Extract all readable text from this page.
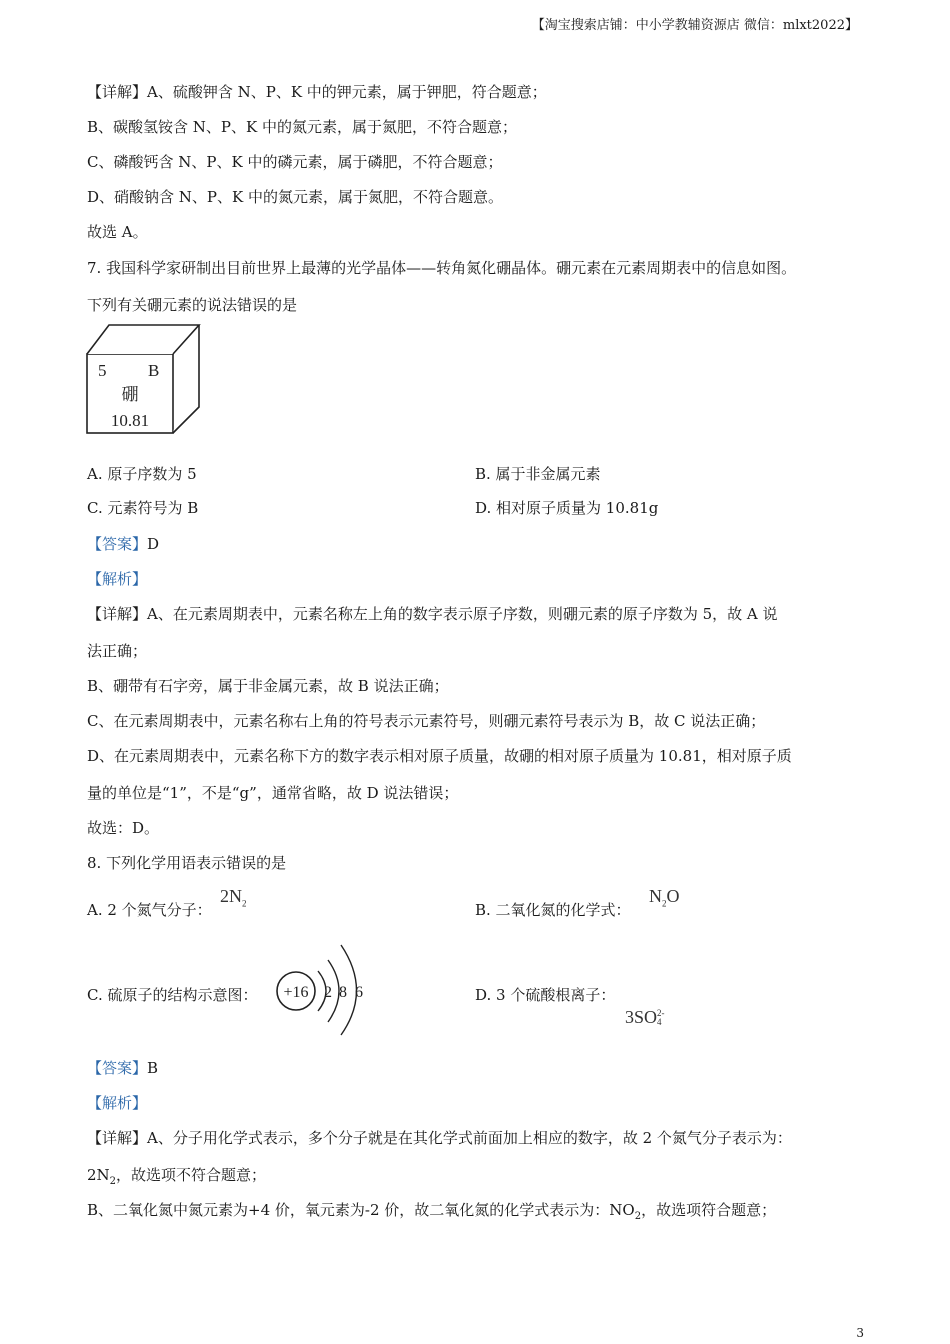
【淘宝搜索店铺：中小学教辅资源店 微信：mlxt2022】
【详解】A、硫酸钾含 N、P、K 中的钾元素，属于钾肥，符合题意；
B、碳酸氢铵含 N、P、K 中的氮元素，属于氮肥，不符合题意；
C、磷酸钙含 N、P、K 中的磷元素，属于磷肥，不符合题意；
D、硝酸钠含 N、P、K 中的氮元素，属于氮肥，不符合题意。
故选 A。
7. 我国科学家研制出目前世界上最薄的光学晶体——转角氮化硼晶体。硼元素在元素周期表中的信息如图。
下列有关硼元素的说法错误的是
5 B
硼
10.81
A. 原子序数为 5	B. 属于非金属元素
C. 元素符号为 B	D. 相对原子质量为 10.81g
【答案】D
【解析】
【详解】A、在元素周期表中，元素名称左上角的数字表示原子序数，则硼元素的原子序数为 5，故 A 说
法正确；
B、硼带有石字旁，属于非金属元素，故 B 说法正确；
C、在元素周期表中，元素名称右上角的符号表示元素符号，则硼元素符号表示为 B，故 C 说法正确；
D、在元素周期表中，元素名称下方的数字表示相对原子质量，故硼的相对原子质量为 10.81，相对原子质
量的单位是“1”，不是“g”，通常省略，故 D 说法错误；
故选：D。
8. 下列化学用语表示错误的是
A. 2 个氮气分子：
$2N_2$	B. 二氧化氮的化学式：
$N_2O$
C. 硫原子的结构示意图： +16 2 8 6	D. 3 个硫酸根离子：
3SO 2-
4
【答案】B
【解析】
【详解】A、分子用化学式表示，多个分子就是在其化学式前面加上相应的数字，故 2 个氮气分子表示为：
$2N_2$，故选项不符合题意；
B、二氧化氮中氮元素为+4 价，氧元素为-2 价，故二氧化氮的化学式表示为：$NO_2$，故选项符合题意；
3
